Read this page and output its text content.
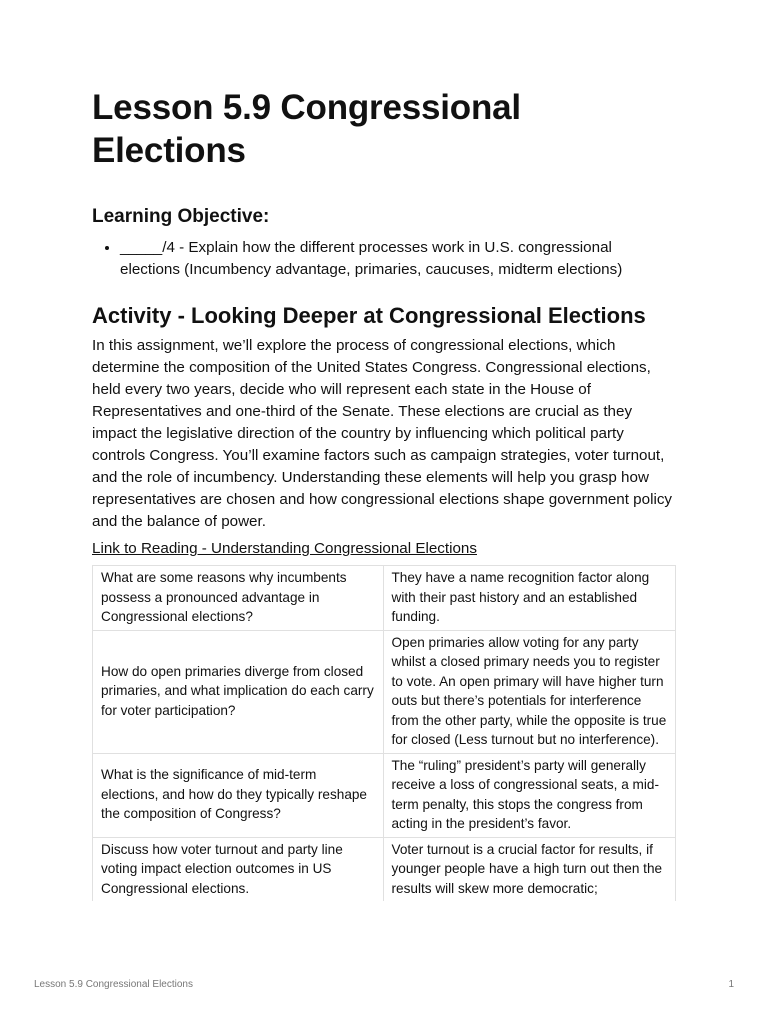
Lesson 5.9 Congressional Elections
Learning Objective:
• _____/4 - Explain how the different processes work in U.S. congressional elections (Incumbency advantage, primaries, caucuses, midterm elections)
Activity - Looking Deeper at Congressional Elections

In this assignment, we’ll explore the process of congressional elections, which determine the composition of the United States Congress. Congressional elections, held every two years, decide who will represent each state in the House of Representatives and one-third of the Senate. These elections are crucial as they impact the legislative direction of the country by influencing which political party controls Congress. You’ll examine factors such as campaign strategies, voter turnout, and the role of incumbency. Understanding these elements will help you grasp how representatives are chosen and how congressional elections shape government policy and the balance of power.

Link to Reading - Understanding Congressional Elections
What are some reasons why incumbents possess a pronounced advantage in Congressional elections?	They have a name recognition factor along with their past history and an established funding.
How do open primaries diverge from closed primaries, and what implication do each carry for voter participation?	Open primaries allow voting for any party whilst a closed primary needs you to register to vote. An open primary will have higher turn outs but there’s potentials for interference from the other party, while the opposite is true for closed (Less turnout but no interference).
What is the significance of mid-term elections, and how do they typically reshape the composition of Congress?	The “ruling” president’s party will generally receive a loss of congressional seats, a mid-term penalty, this stops the congress from acting in the president’s favor.
Discuss how voter turnout and party line voting impact election outcomes in US Congressional elections.	Voter turnout is a crucial factor for results, if younger people have a high turn out then the results will skew more democratic;
Lesson 5.9 Congressional Elections	1
